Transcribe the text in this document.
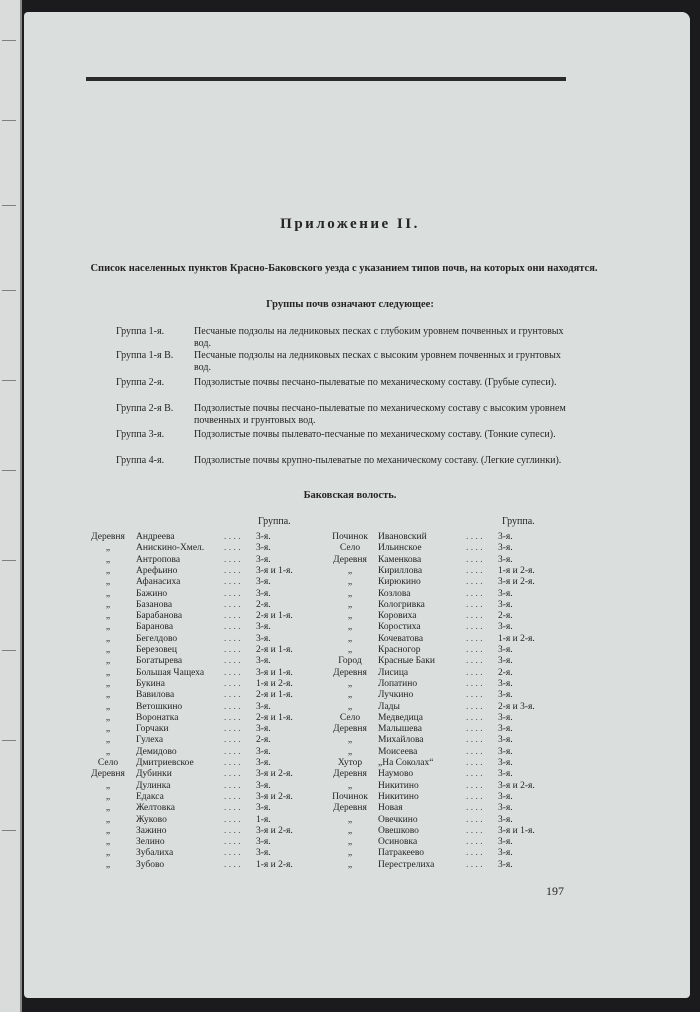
Приложение II.
Список населенных пунктов Красно-Баковского уезда с указанием типов почв, на которых они находятся.
Группы почв означают следующее:
Группа 1-я.	Песчаные подзолы на ледниковых песках с глубоким уровнем почвенных и грунтовых вод.
Группа 1-я В.	Песчаные подзолы на ледниковых песках с высоким уровнем почвенных и грунтовых вод.
Группа 2-я.	Подзолистые почвы песчано-пылеватые по механическому составу. (Грубые супеси).
Группа 2-я В.	Подзолистые почвы песчано-пылеватые по механическому составу с высоким уровнем почвенных и грунтовых вод.
Группа 3-я.	Подзолистые почвы пылевато-песчаные по механическому составу. (Тонкие супеси).
Группа 4-я.	Подзолистые почвы крупно-пылеватые по механическому составу. (Легкие суглинки).
Баковская волость.
Группа.	Группа.
Деревня	Андреева	. . . . 3-я.
„	Анискино-Хмел. . . . . 3-я.
„	Антропова	. . . . 3-я.
„	Арефьино	. . . . 3-я и 1-я.
„	Афанасиха	. . . . 3-я.
„	Бажино	. . . . 3-я.
„	Базанова	. . . . 2-я.
„	Барабанова	. . . . 2-я и 1-я.
„	Баранова	. . . . 3-я.
„	Бегелдово	. . . . 3-я.
„	Березовец	. . . . 2-я и 1-я.
„	Богатырева	. . . . 3-я.
„	Большая Чащеха . . . . 3-я и 1-я.
„	Букина	. . . . 1-я и 2-я.
„	Вавилова	. . . . 2-я и 1-я.
„	Ветошкино	. . . . 3-я.
„	Воронатка	. . . . 2-я и 1-я.
„	Горчаки	. . . . 3-я.
„	Гулеха	. . . . 2-я.
„	Демидово	. . . . 3-я.
Село	Дмитриевское	. . . . 3-я.
Деревня	Дубинки	. . . . 3-я и 2-я.
„	Дулинка	. . . . 3-я.
„	Едакса	. . . . 3-я и 2-я.
„	Желтовка	. . . . 3-я.
„	Жуково	. . . . 1-я.
„	Зажино	. . . . 3-я и 2-я.
„	Зелино	. . . . 3-я.
„	Зубалиха	. . . . 3-я.
„	Зубово	. . . . 1-я и 2-я.
Починок	Ивановский	. . . . 3-я.
Село	Ильинское	. . . . 3-я.
Деревня	Каменкова	. . . . 3-я.
„	Кириллова	. . . . 1-я и 2-я.
„	Кирюкино	. . . . 3-я и 2-я.
„	Козлова	. . . . 3-я.
„	Кологривка	. . . . 3-я.
„	Коровиха	. . . . 2-я.
„	Коростиха	. . . . 3-я.
„	Кочеватова	. . . . 1-я и 2-я.
„	Красногор	. . . . 3-я.
Город	Красные Баки	. . . . 3-я.
Деревня	Лисица	. . . . 2-я.
„	Лопатино	. . . . 3-я.
„	Лучкино	. . . . 3-я.
„	Лады	. . . . 2-я и 3-я.
Село	Медведица	. . . . 3-я.
Деревня	Малышева	. . . . 3-я.
„	Михайлова	. . . . 3-я.
„	Моисеева	. . . . 3-я.
Хутор	„На Соколах“	. . . . 3-я.
Деревня	Наумово	. . . . 3-я.
„	Никитино	. . . . 3-я и 2-я.
Починок	Никитино	. . . . 3-я.
Деревня	Новая	. . . . 3-я.
„	Овечкино	. . . . 3-я.
„	Овешково	. . . . 3-я и 1-я.
„	Осиновка	. . . . 3-я.
„	Патракеево	. . . . 3-я.
„	Перестрелиха	. . . . 3-я.
197
